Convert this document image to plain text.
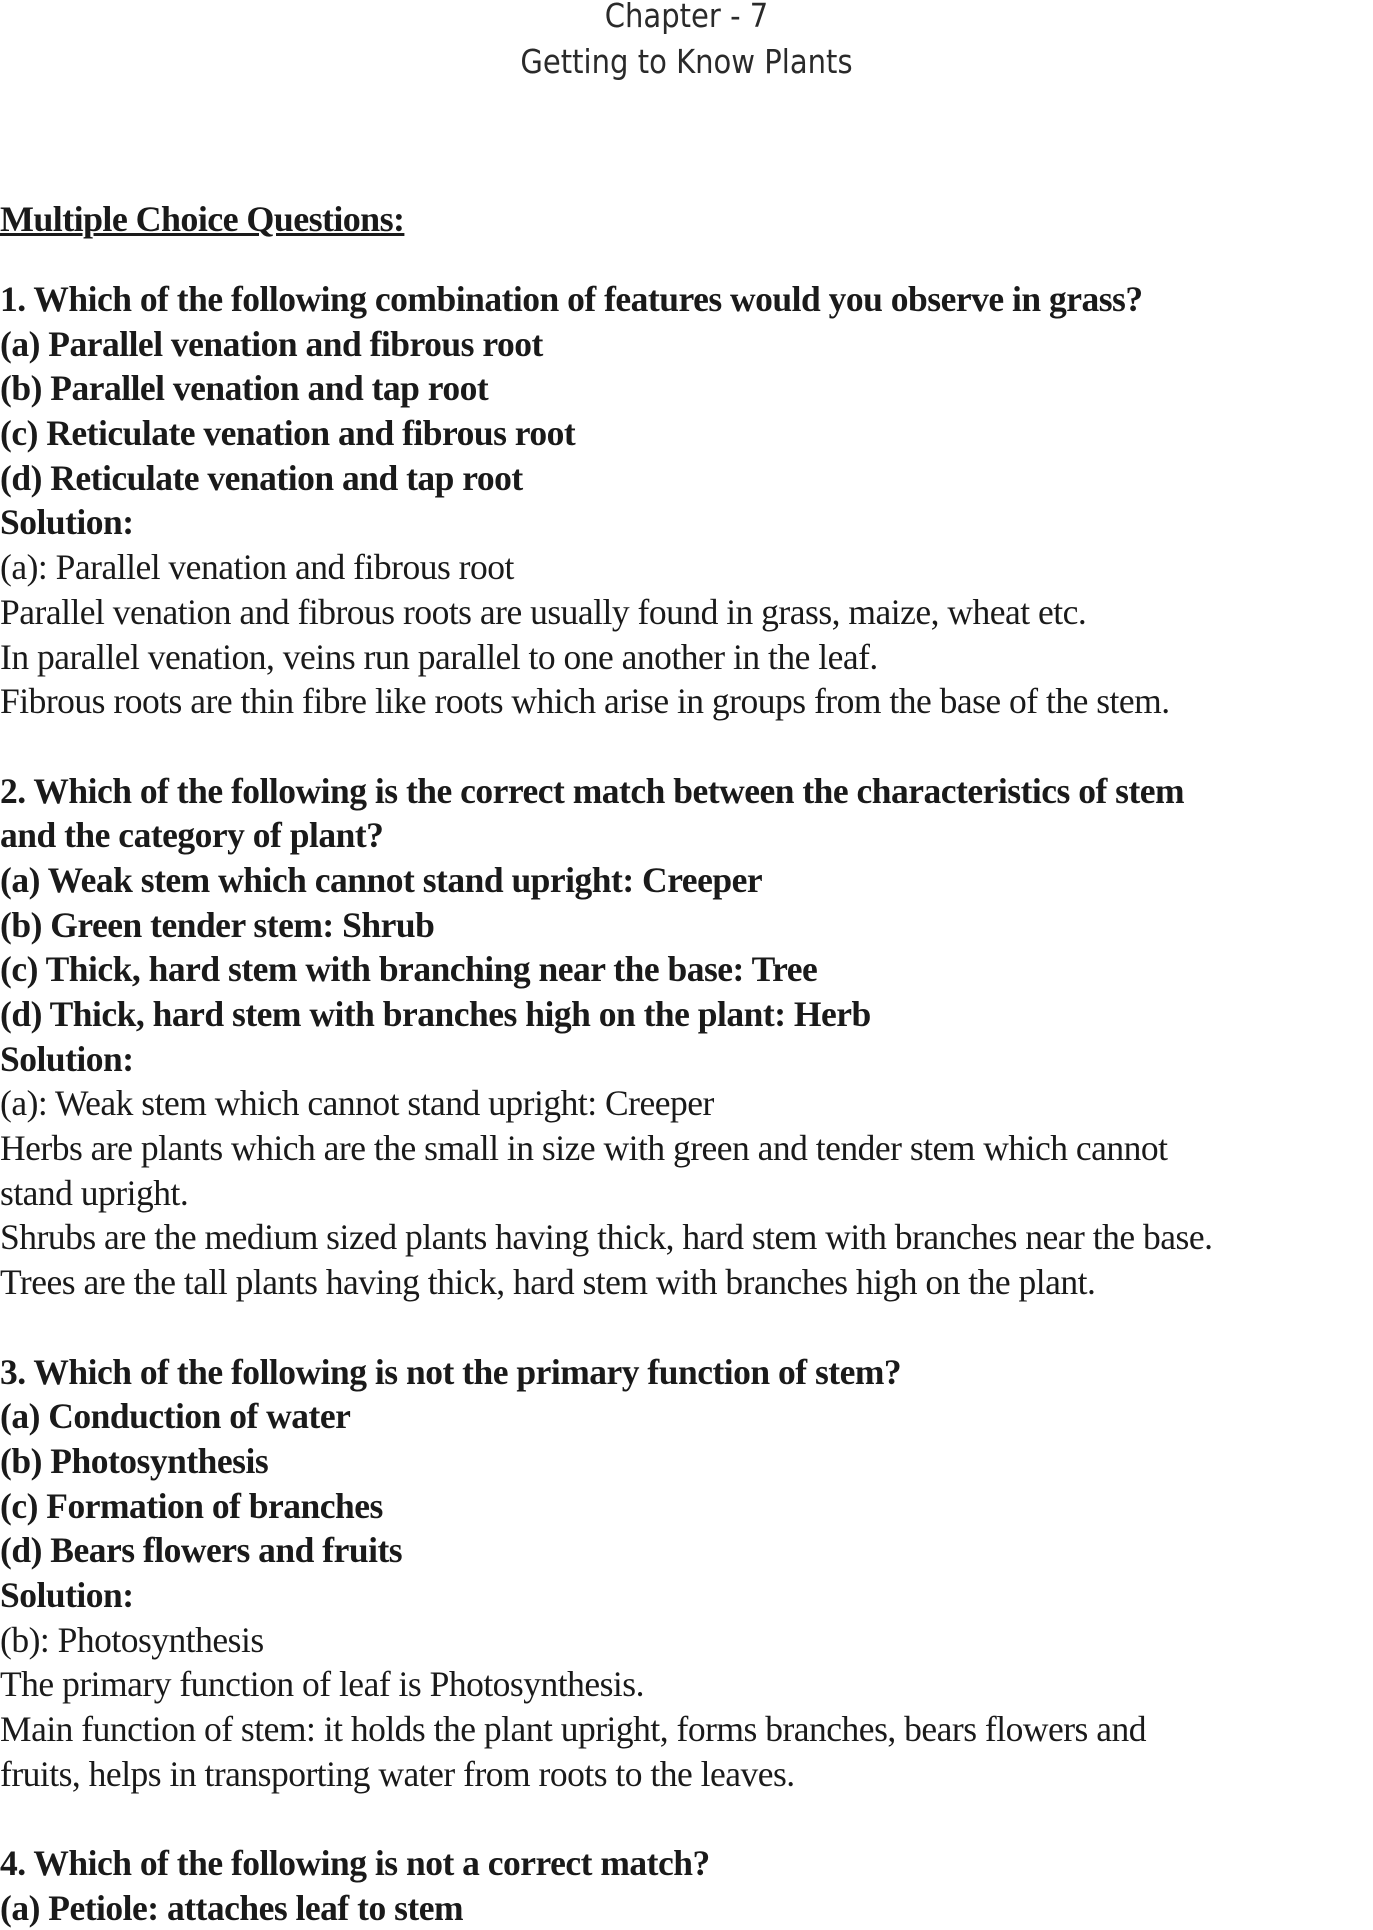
Chapter - 7
Getting to Know Plants
Multiple Choice Questions:
1. Which of the following combination of features would you observe in grass?
(a) Parallel venation and fibrous root
(b) Parallel venation and tap root
(c) Reticulate venation and fibrous root
(d) Reticulate venation and tap root
Solution:
(a): Parallel venation and fibrous root
Parallel venation and fibrous roots are usually found in grass, maize, wheat etc.
In parallel venation, veins run parallel to one another in the leaf.
Fibrous roots are thin fibre like roots which arise in groups from the base of the stem.
2. Which of the following is the correct match between the characteristics of stem
and the category of plant?
(a) Weak stem which cannot stand upright: Creeper
(b) Green tender stem: Shrub
(c) Thick, hard stem with branching near the base: Tree
(d) Thick, hard stem with branches high on the plant: Herb
Solution:
(a): Weak stem which cannot stand upright: Creeper
Herbs are plants which are the small in size with green and tender stem which cannot
stand upright.
Shrubs are the medium sized plants having thick, hard stem with branches near the base.
Trees are the tall plants having thick, hard stem with branches high on the plant.
3. Which of the following is not the primary function of stem?
(a) Conduction of water
(b) Photosynthesis
(c) Formation of branches
(d) Bears flowers and fruits
Solution:
(b): Photosynthesis
The primary function of leaf is Photosynthesis.
Main function of stem: it holds the plant upright, forms branches, bears flowers and
fruits, helps in transporting water from roots to the leaves.
4. Which of the following is not a correct match?
(a) Petiole: attaches leaf to stem
